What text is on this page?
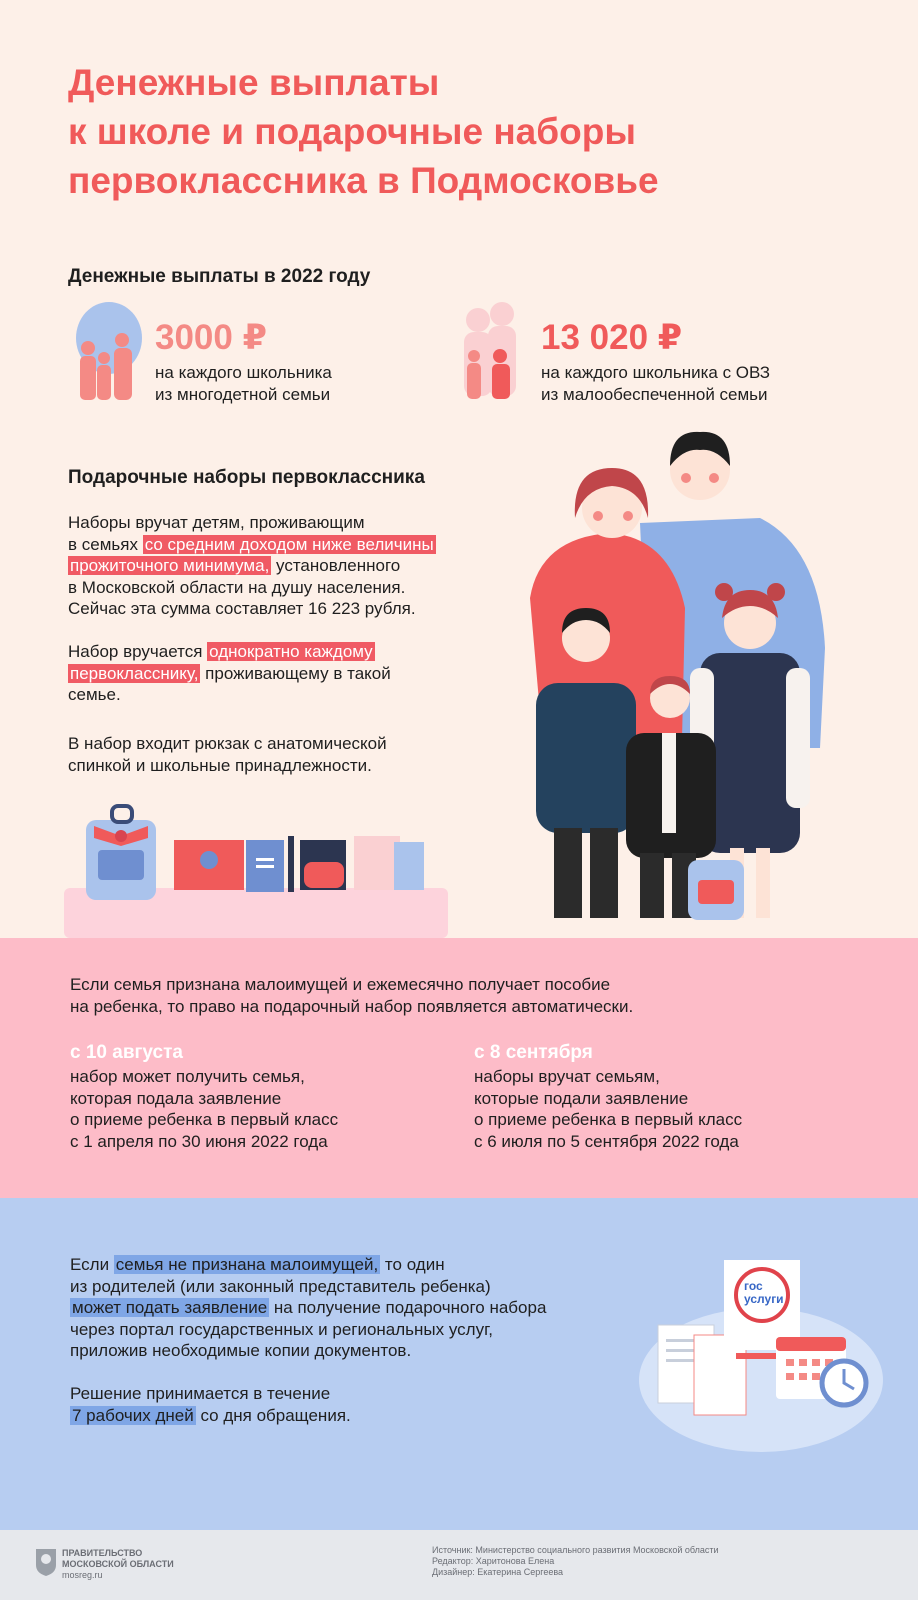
Денежные выплаты
к школе и подарочные наборы
первоклассника в Подмосковье
Денежные выплаты в 2022 году
3000 ₽
на каждого школьника
из многодетной семьи
13 020 ₽
на каждого школьника с ОВЗ
из малообеспеченной семьи
Подарочные наборы первоклассника
Наборы вручат детям, проживающим
в семьях со средним доходом ниже величины
прожиточного минимума, установленного
в Московской области на душу населения.
Сейчас эта сумма составляет 16 223 рубля.
Набор вручается однократно каждому
первокласснику, проживающему в такой
семье.
В набор входит рюкзак с анатомической
спинкой и школьные принадлежности.
Если семья признана малоимущей и ежемесячно получает пособие
на ребенка, то право на подарочный набор появляется автоматически.
с 10 августа
набор может получить семья,
которая подала заявление
о приеме ребенка в первый класс
с 1 апреля по 30 июня 2022 года
с 8 сентября
наборы вручат семьям,
которые подали заявление
о приеме ребенка в первый класс
с 6 июля по 5 сентября 2022 года
Если семья не признана малоимущей, то один
из родителей (или законный представитель ребенка)
может подать заявление на получение подарочного набора
через портал государственных и региональных услуг,
приложив необходимые копии документов.
Решение принимается в течение
7 рабочих дней со дня обращения.
гос
услуги
ПРАВИТЕЛЬСТВО
МОСКОВСКОЙ ОБЛАСТИ
mosreg.ru
Источник: Министерство социального развития Московской области
Редактор: Харитонова Елена
Дизайнер: Екатерина Сергеева
